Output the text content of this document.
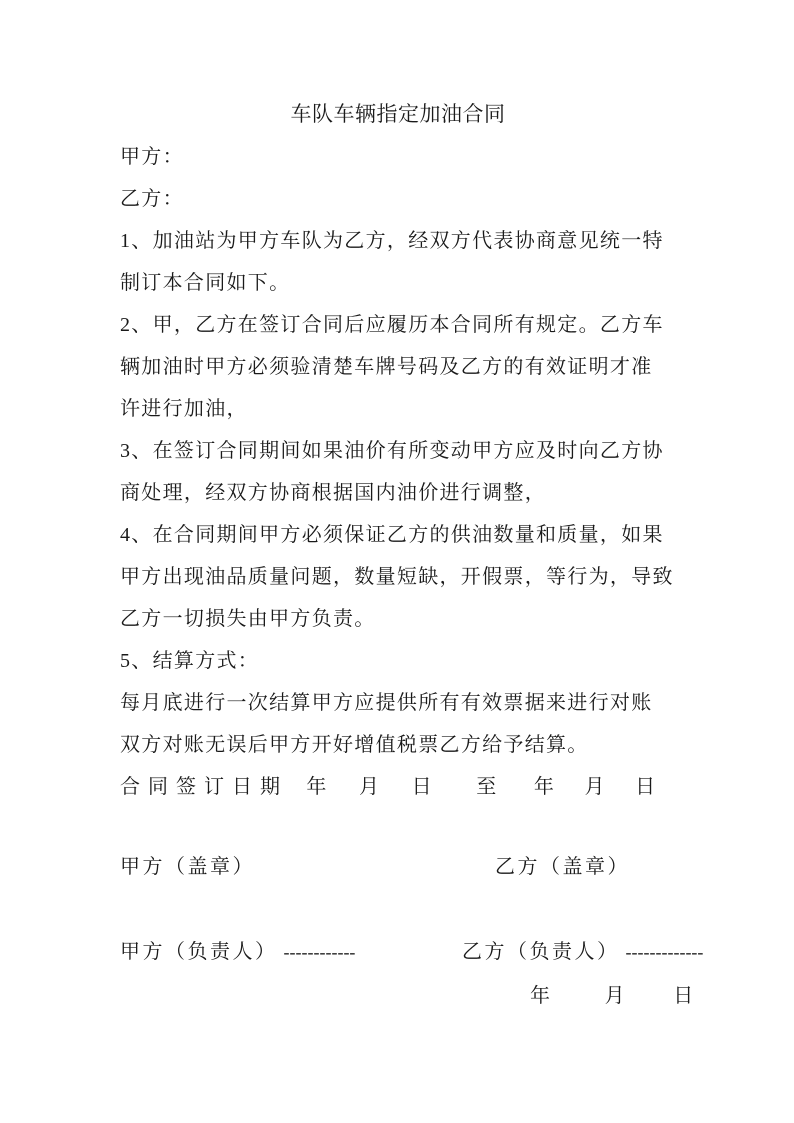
车队车辆指定加油合同
甲方：
乙方：
1、加油站为甲方车队为乙方，经双方代表协商意见统一特
制订本合同如下。
2、甲，乙方在签订合同后应履历本合同所有规定。乙方车
辆加油时甲方必须验清楚车牌号码及乙方的有效证明才准
许进行加油，
3、在签订合同期间如果油价有所变动甲方应及时向乙方协
商处理，经双方协商根据国内油价进行调整，
4、在合同期间甲方必须保证乙方的供油数量和质量，如果
甲方出现油品质量问题，数量短缺，开假票，等行为，导致
乙方一切损失由甲方负责。
5、结算方式：
每月底进行一次结算甲方应提供所有有效票据来进行对账
双方对账无误后甲方开好增值税票乙方给予结算。
合同签订日期 年 月 日 至 年 月 日
甲方（盖章）	乙方（盖章）
甲方（负责人） ------------	乙方（负责人） -------------
年	月 日
